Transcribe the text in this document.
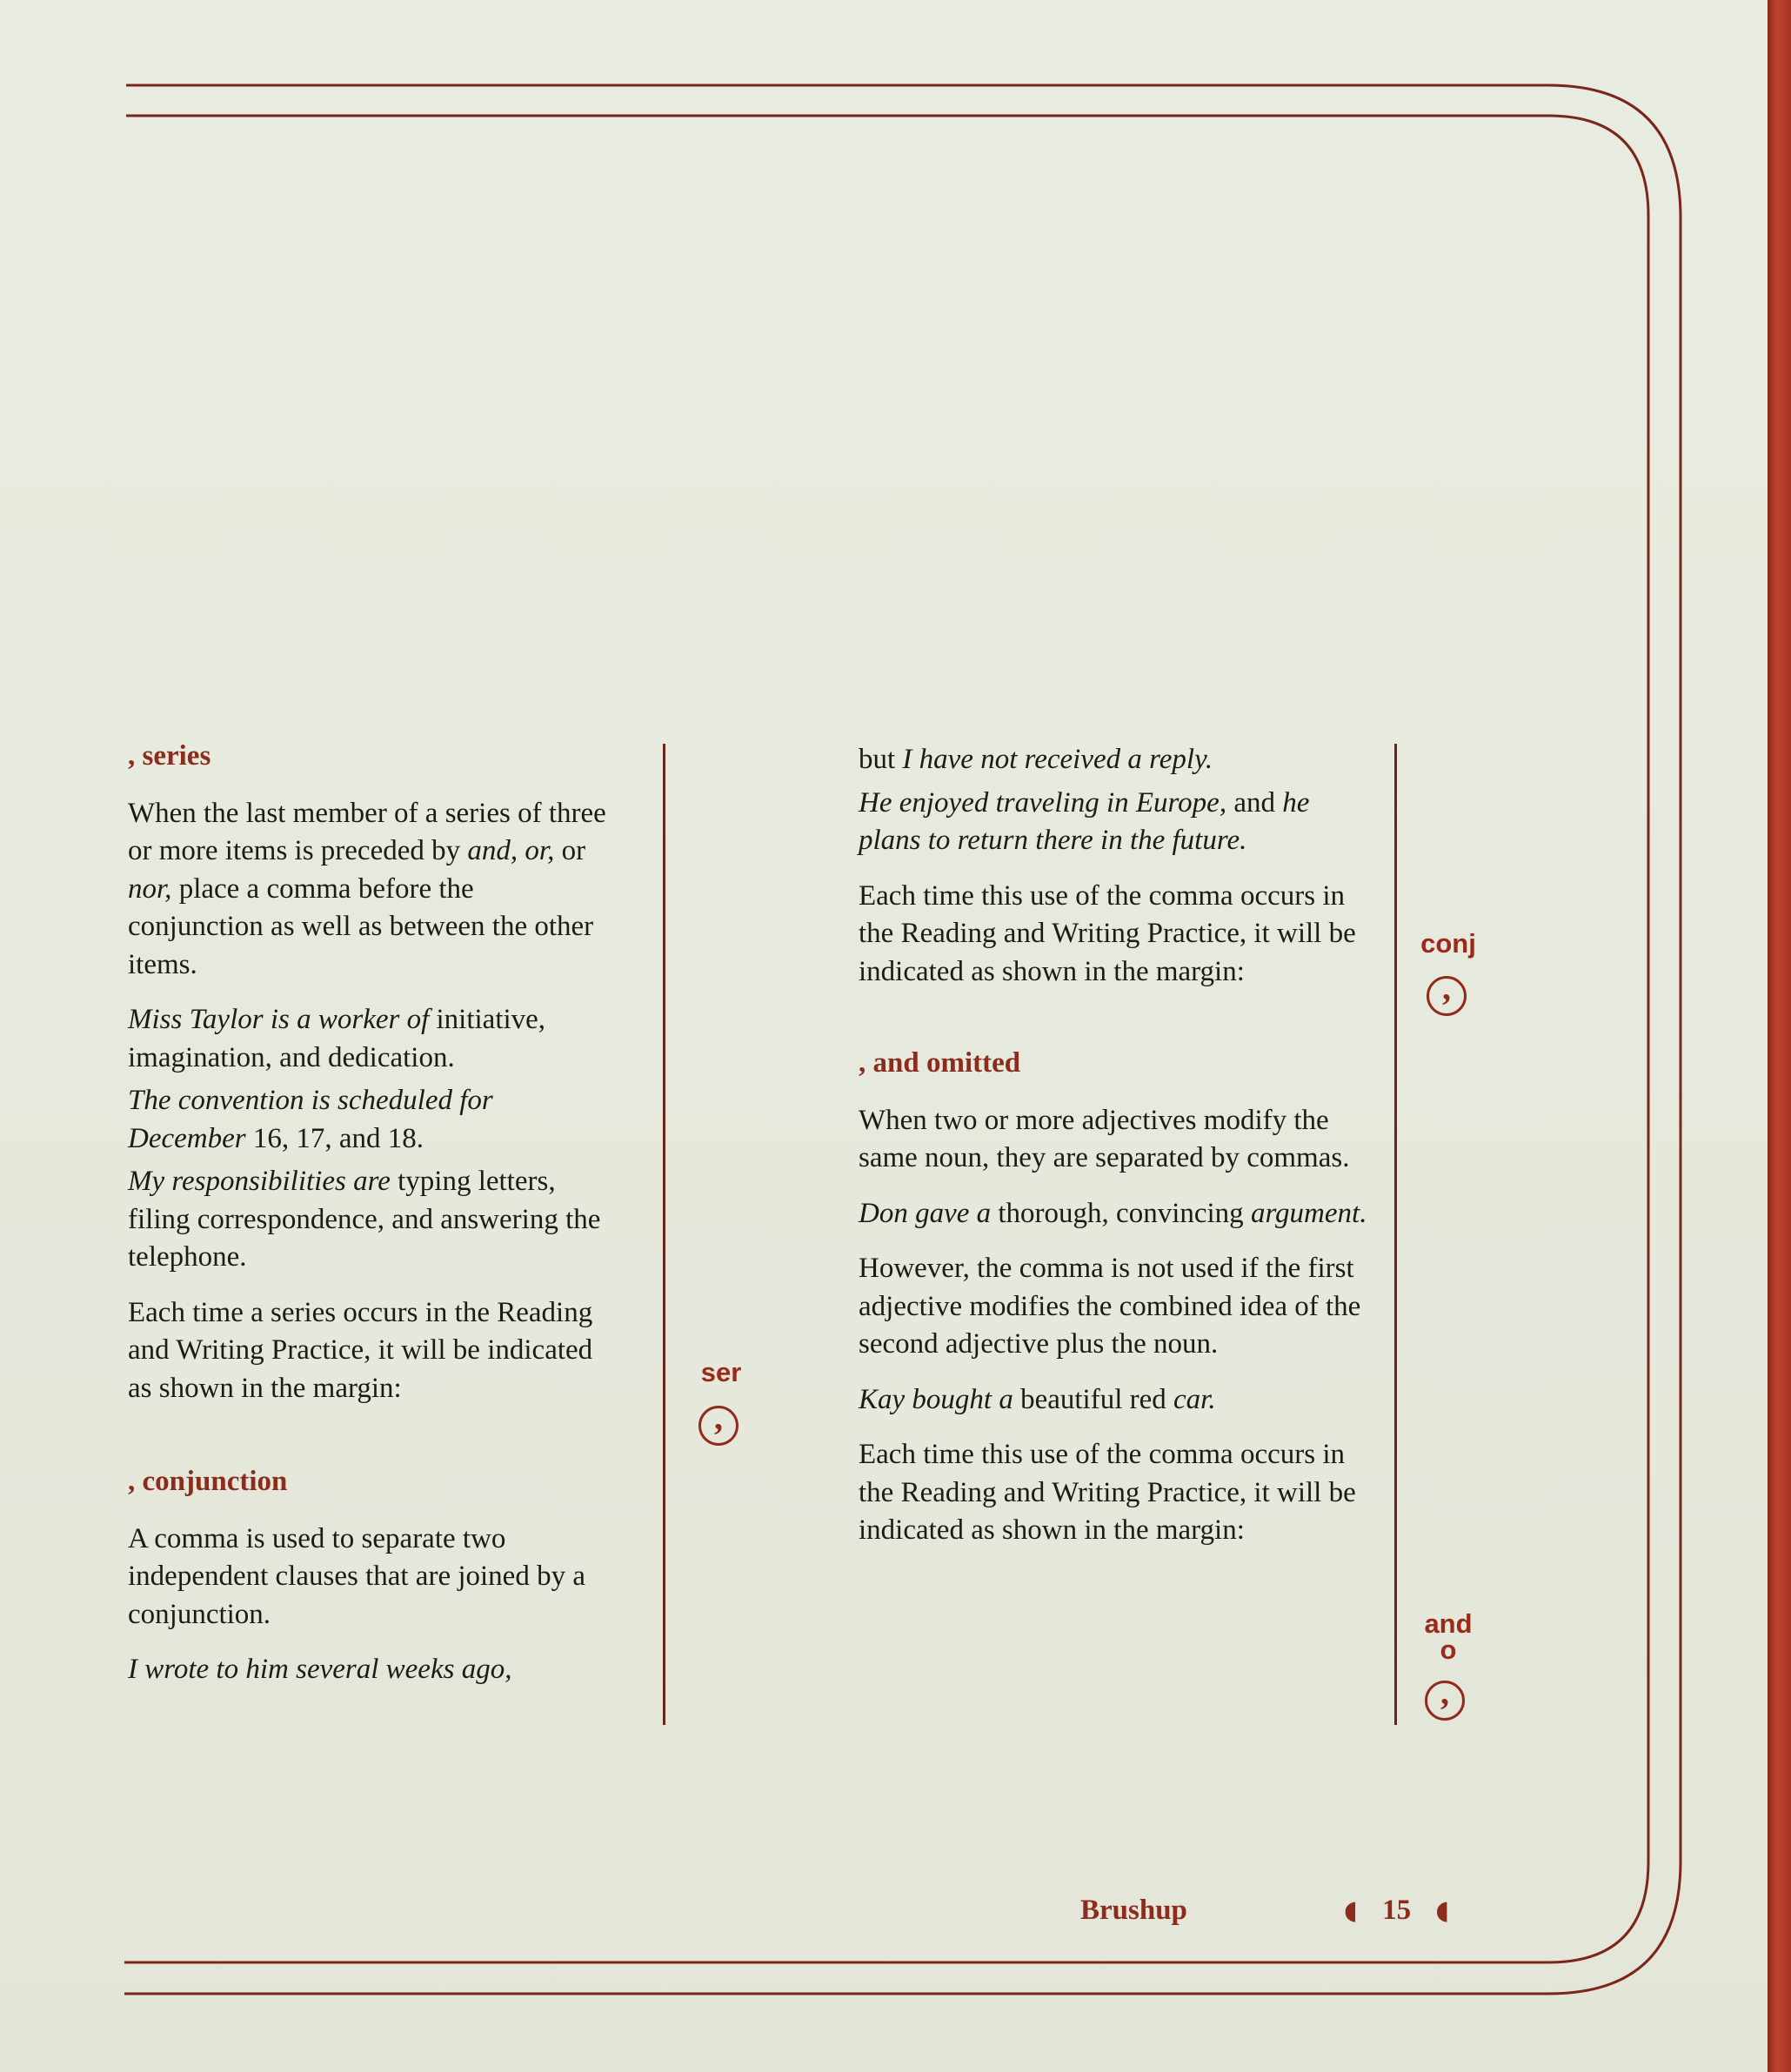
, series

When the last member of a series of three or more items is preceded by and, or, or nor, place a comma before the conjunction as well as between the other items.

Miss Taylor is a worker of initiative, imagination, and dedication.

The convention is scheduled for December 16, 17, and 18.

My responsibilities are typing letters, filing correspondence, and answering the telephone.

Each time a series occurs in the Reading and Writing Practice, it will be indicated as shown in the margin:

, conjunction

A comma is used to separate two independent clauses that are joined by a conjunction.

I wrote to him several weeks ago,

ser
,

but I have not received a reply.

He enjoyed traveling in Europe, and he plans to return there in the future.

Each time this use of the comma occurs in the Reading and Writing Practice, it will be indicated as shown in the margin:

, and omitted

When two or more adjectives modify the same noun, they are separated by commas.

Don gave a thorough, convincing argument.

However, the comma is not used if the first adjective modifies the combined idea of the second adjective plus the noun.

Kay bought a beautiful red car.

Each time this use of the comma occurs in the Reading and Writing Practice, it will be indicated as shown in the margin:

conj
,
and
o
,
Brushup	◖ 15 ◖
